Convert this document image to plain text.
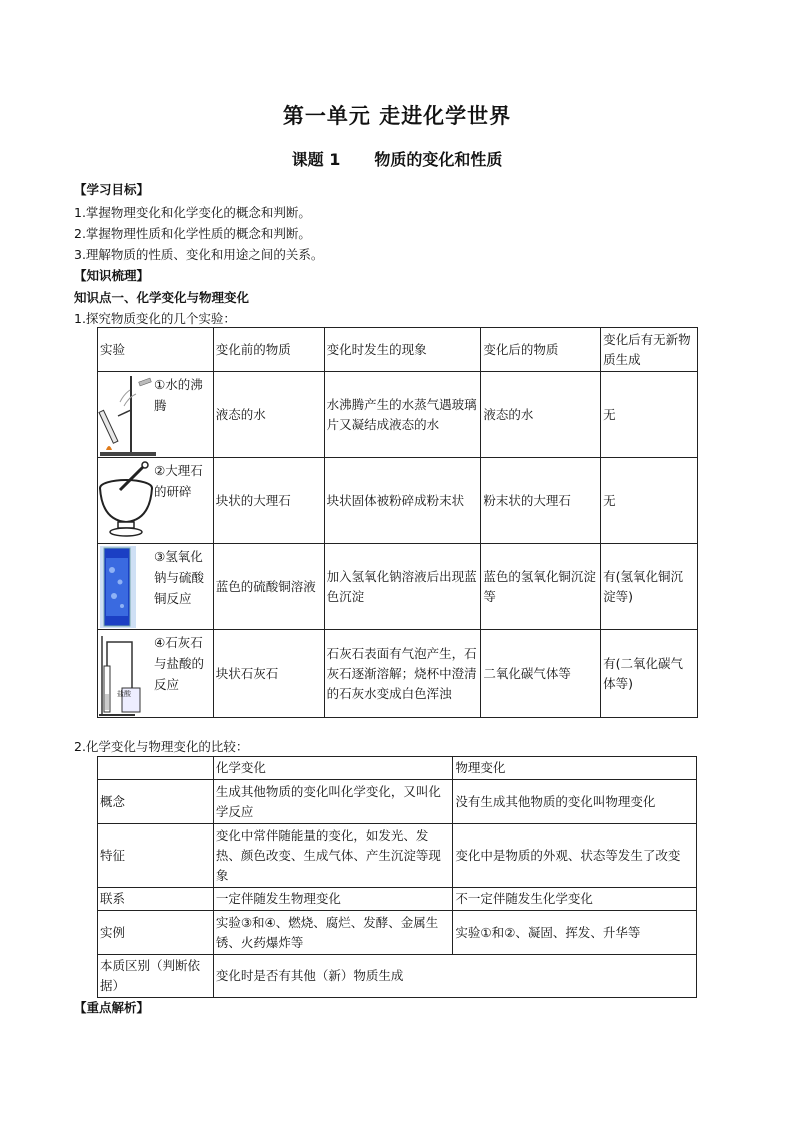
第一单元 走进化学世界
课题 1 物质的变化和性质
【学习目标】
1.掌握物理变化和化学变化的概念和判断。
2.掌握物理性质和化学性质的概念和判断。
3.理解物质的性质、变化和用途之间的关系。
【知识梳理】
知识点一、化学变化与物理变化
1.探究物质变化的几个实验：
实验	变化前的物质	变化时发生的现象	变化后的物质	变化后有无新物质生成

①水的沸腾	液态的水	水沸腾产生的水蒸气遇玻璃片又凝结成液态的水	液态的水	无

②大理石的研碎	块状的大理石	块状固体被粉碎成粉末状	粉末状的大理石	无

③氢氧化钠与硫酸铜反应	蓝色的硫酸铜溶液	加入氢氧化钠溶液后出现蓝色沉淀	蓝色的氢氧化铜沉淀等	有(氢氧化铜沉淀等)

盐酸
④石灰石与盐酸的反应	块状石灰石	石灰石表面有气泡产生，石灰石逐渐溶解；烧杯中澄清的石灰水变成白色浑浊	二氧化碳气体等	有(二氧化碳气体等)
2.化学变化与物理变化的比较：
	化学变化	物理变化
概念	生成其他物质的变化叫化学变化，又叫化学反应	没有生成其他物质的变化叫物理变化
特征	变化中常伴随能量的变化，如发光、发热、颜色改变、生成气体、产生沉淀等现象	变化中是物质的外观、状态等发生了改变
联系	一定伴随发生物理变化	不一定伴随发生化学变化
实例	实验③和④、燃烧、腐烂、发酵、金属生锈、火药爆炸等	实验①和②、凝固、挥发、升华等
本质区别（判断依据）	变化时是否有其他（新）物质生成	
【重点解析】
